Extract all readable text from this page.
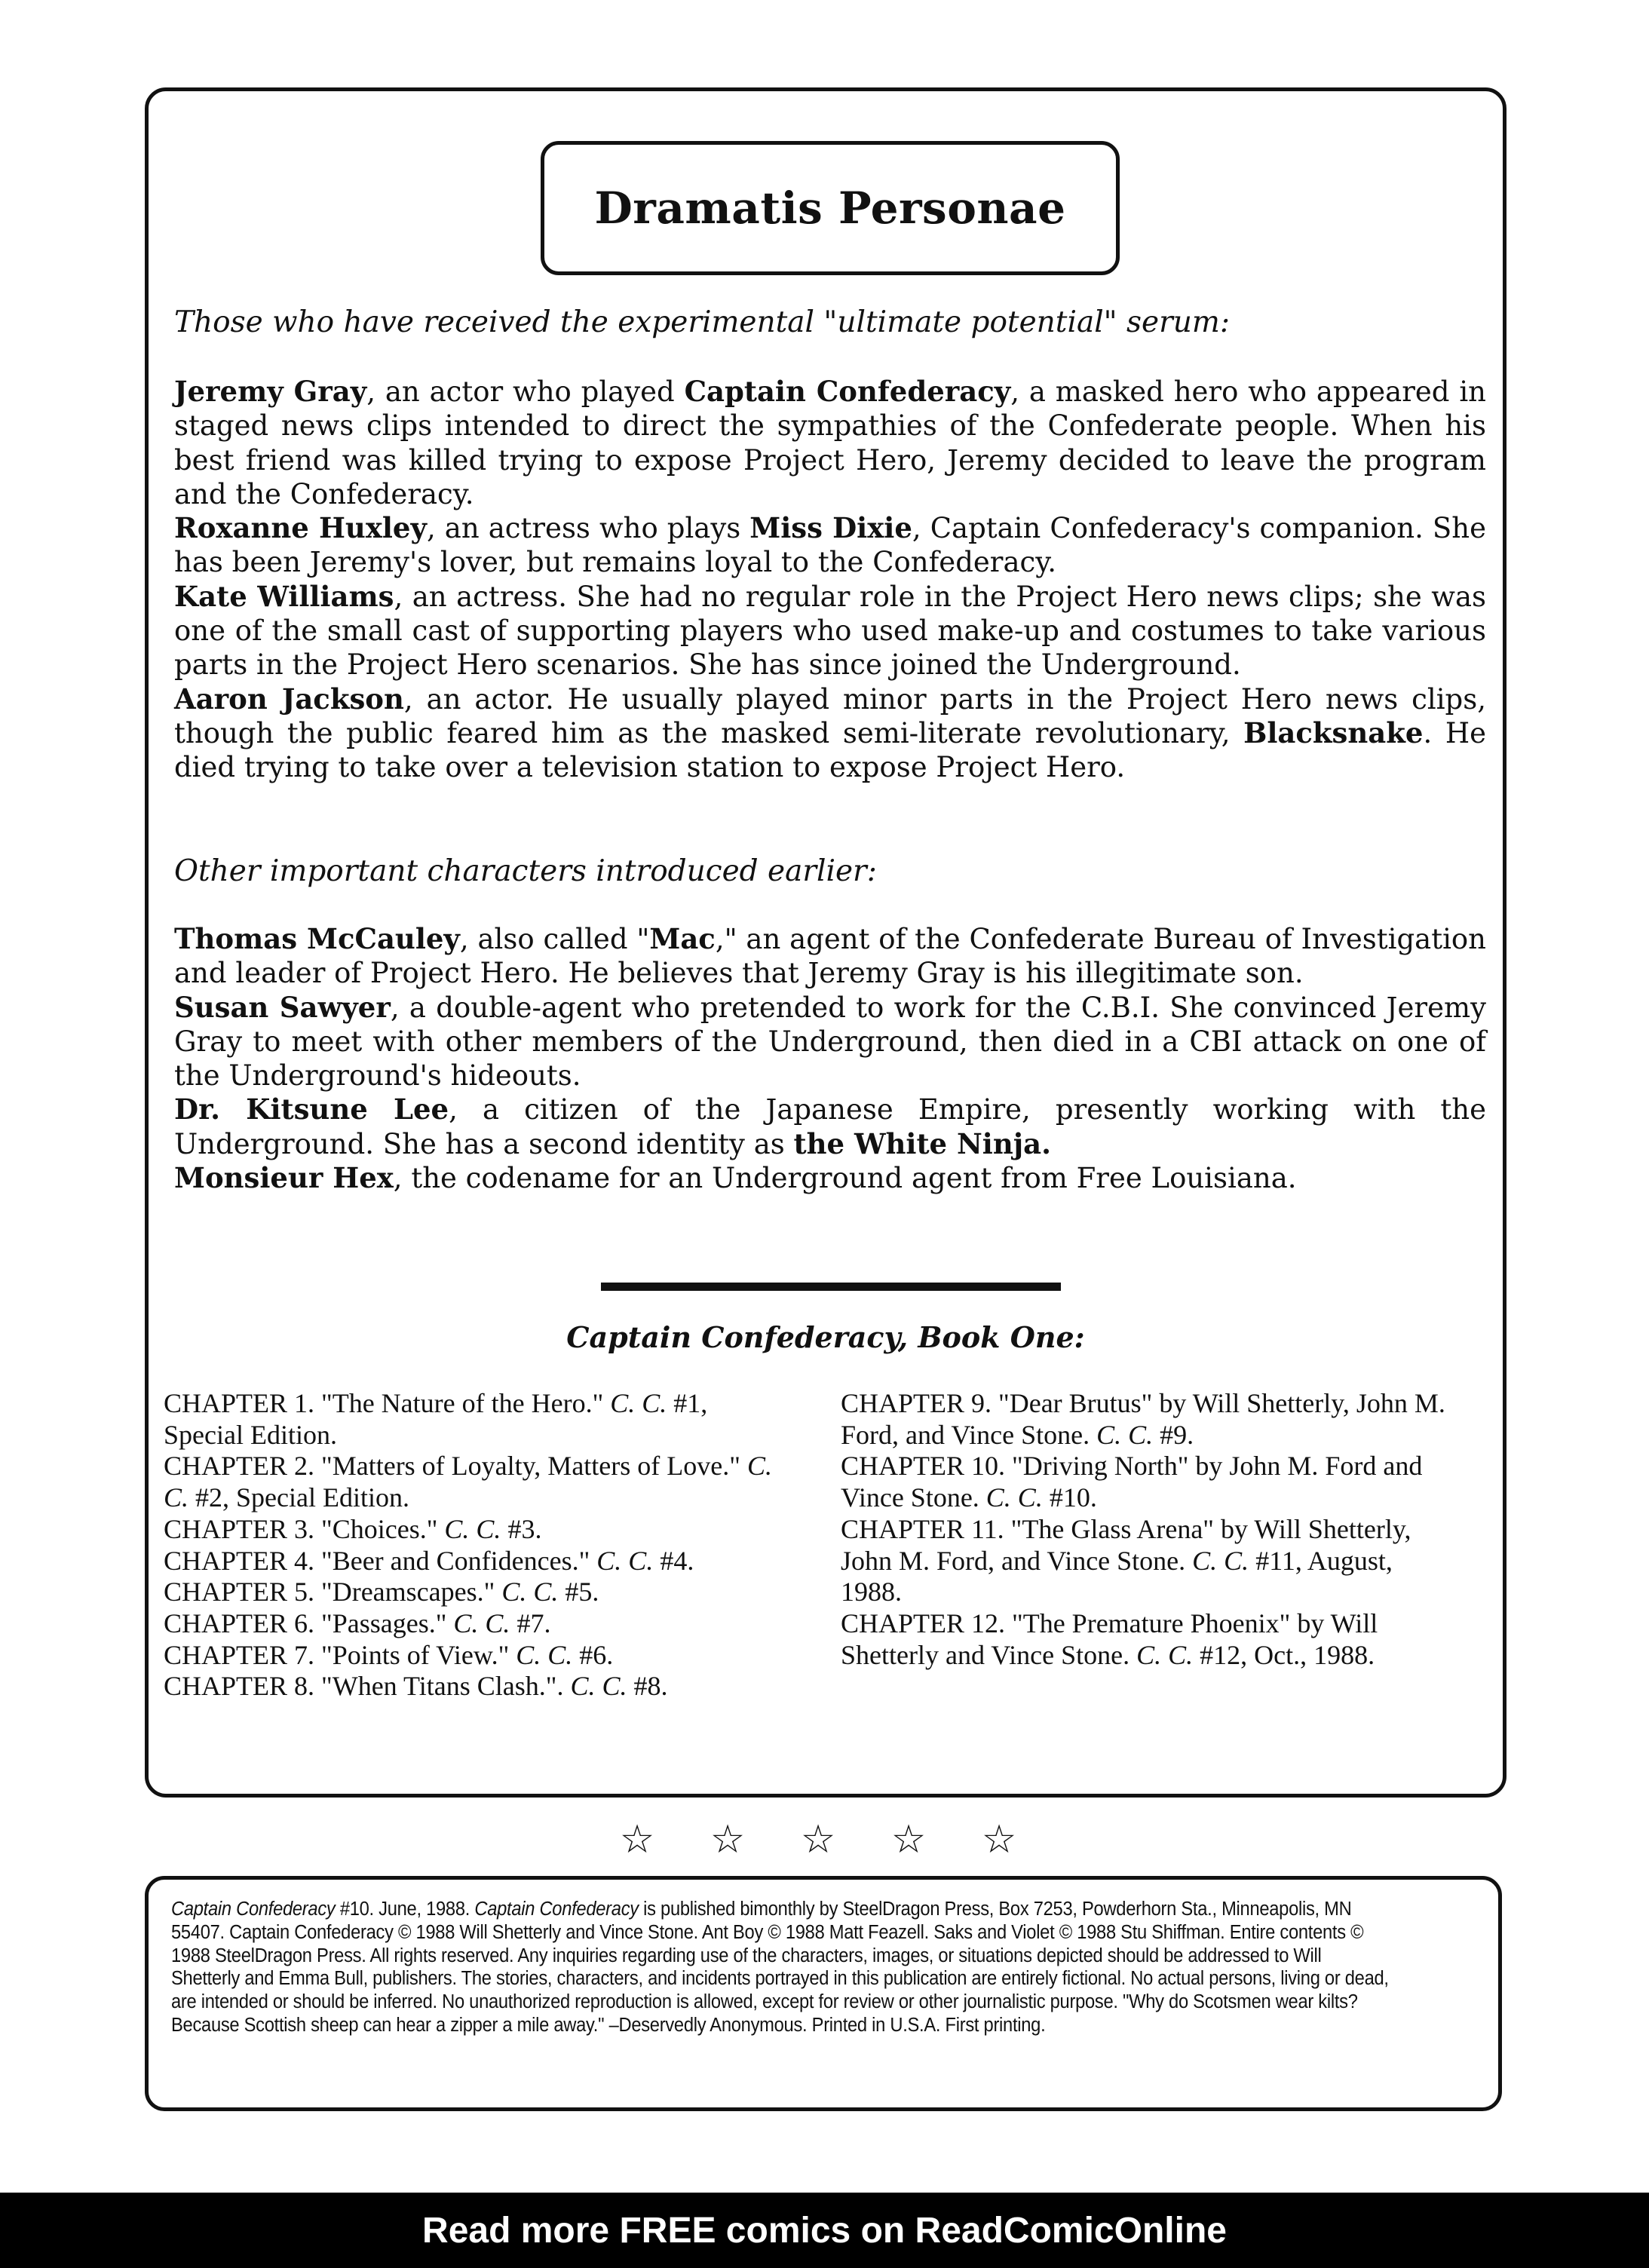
Dramatis Personae
Those who have received the experimental "ultimate potential" serum:

Jeremy Gray, an actor who played Captain Confederacy, a masked hero who appeared in staged news clips intended to direct the sympathies of the Confederate people. When his best friend was killed trying to expose Project Hero, Jeremy decided to leave the program and the Confederacy.

Roxanne Huxley, an actress who plays Miss Dixie, Captain Confederacy's companion. She has been Jeremy's lover, but remains loyal to the Confederacy.

Kate Williams, an actress. She had no regular role in the Project Hero news clips; she was one of the small cast of supporting players who used make-up and costumes to take various parts in the Project Hero scenarios. She has since joined the Underground.

Aaron Jackson, an actor. He usually played minor parts in the Project Hero news clips, though the public feared him as the masked semi-literate revolutionary, Blacksnake. He died trying to take over a television station to expose Project Hero.

Other important characters introduced earlier:

Thomas McCauley, also called "Mac," an agent of the Confederate Bureau of Investigation and leader of Project Hero. He believes that Jeremy Gray is his illegitimate son.

Susan Sawyer, a double-agent who pretended to work for the C.B.I. She convinced Jeremy Gray to meet with other members of the Underground, then died in a CBI attack on one of the Underground's hideouts.

Dr. Kitsune Lee, a citizen of the Japanese Empire, presently working with the Underground. She has a second identity as the White Ninja.

Monsieur Hex, the codename for an Underground agent from Free Louisiana.

Captain Confederacy, Book One:

CHAPTER 1. "The Nature of the Hero." C. C. #1, Special Edition.

CHAPTER 2. "Matters of Loyalty, Matters of Love." C. C. #2, Special Edition.

CHAPTER 3. "Choices." C. C. #3.

CHAPTER 4. "Beer and Confidences." C. C. #4.

CHAPTER 5. "Dreamscapes." C. C. #5.

CHAPTER 6. "Passages." C. C. #7.

CHAPTER 7. "Points of View." C. C. #6.

CHAPTER 8. "When Titans Clash.". C. C. #8.

CHAPTER 9. "Dear Brutus" by Will Shetterly, John M. Ford, and Vince Stone. C. C. #9.

CHAPTER 10. "Driving North" by John M. Ford and Vince Stone. C. C. #10.

CHAPTER 11. "The Glass Arena" by Will Shetterly, John M. Ford, and Vince Stone. C. C. #11, August, 1988.

CHAPTER 12. "The Premature Phoenix" by Will Shetterly and Vince Stone. C. C. #12, Oct., 1988.

☆ ☆ ☆ ☆ ☆
Captain Confederacy #10. June, 1988. Captain Confederacy is published bimonthly by SteelDragon Press, Box 7253, Powderhorn Sta., Minneapolis, MN 55407. Captain Confederacy © 1988 Will Shetterly and Vince Stone. Ant Boy © 1988 Matt Feazell. Saks and Violet © 1988 Stu Shiffman. Entire contents © 1988 SteelDragon Press. All rights reserved. Any inquiries regarding use of the characters, images, or situations depicted should be addressed to Will Shetterly and Emma Bull, publishers. The stories, characters, and incidents portrayed in this publication are entirely fictional. No actual persons, living or dead, are intended or should be inferred. No unauthorized reproduction is allowed, except for review or other journalistic purpose. "Why do Scotsmen wear kilts? Because Scottish sheep can hear a zipper a mile away." –Deservedly Anonymous. Printed in U.S.A. First printing.
Read more FREE comics on ReadComicOnline
